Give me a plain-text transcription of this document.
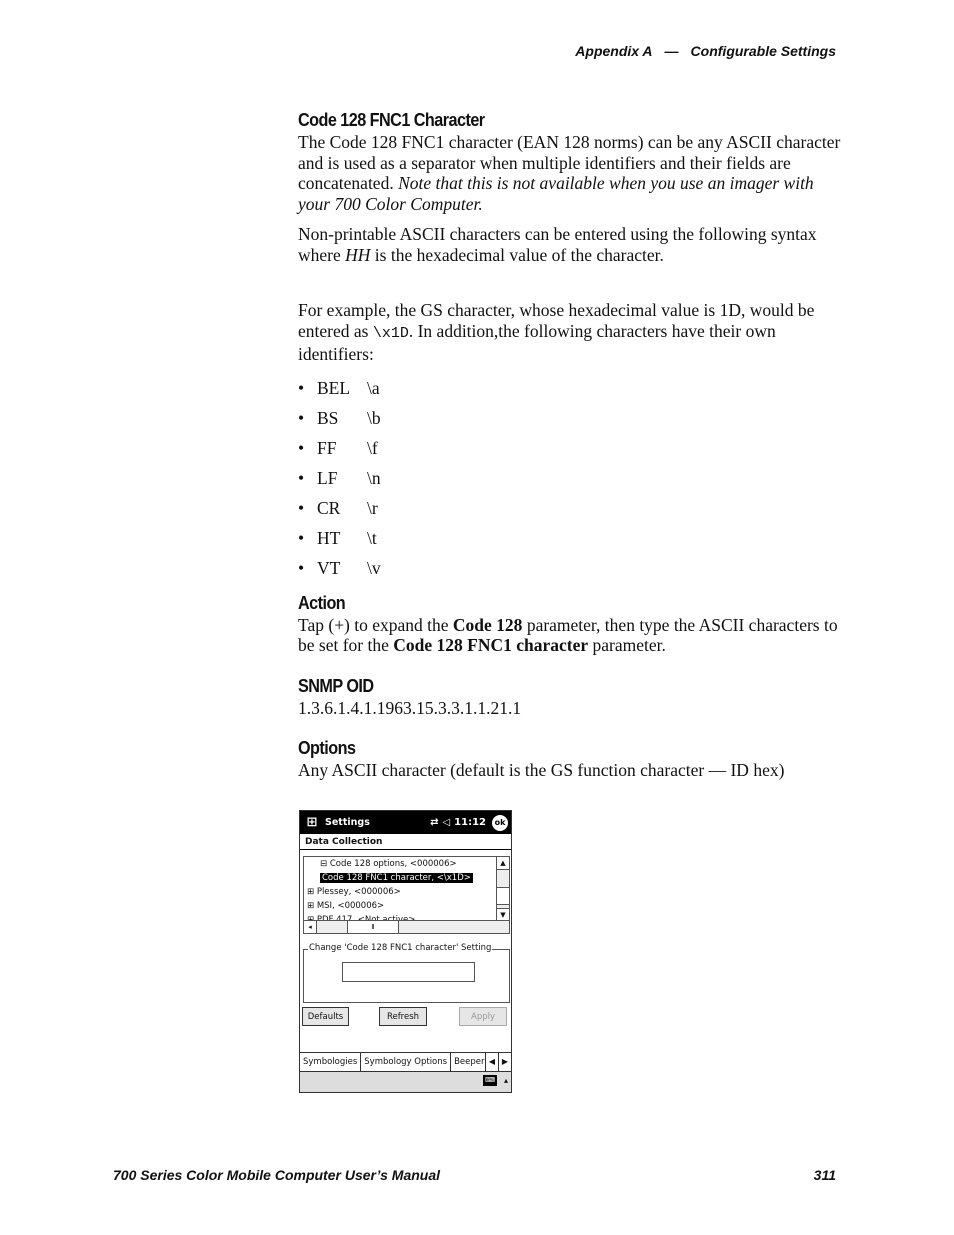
Appendix A — Configurable Settings
Code 128 FNC1 Character

The Code 128 FNC1 character (EAN 128 norms) can be any ASCII character and is used as a separator when multiple identifiers and their fields are concatenated. Note that this is not available when you use an imager with your 700 Color Computer.

Non-printable ASCII characters can be entered using the following syntax where HH is the hexadecimal value of the character.

For example, the GS character, whose hexadecimal value is 1D, would be entered as \x1D. In addition,the following characters have their own identifiers:

• BEL \a
• BS	\b
• FF	\f
• LF	\n
• CR	\r
• HT	\t
• VT	\v
Action

Tap (+) to expand the Code 128 parameter, then type the ASCII characters to be set for the Code 128 FNC1 character parameter.

SNMP OID

1.3.6.1.4.1.1963.15.3.3.1.1.21.1

Options

Any ASCII character (default is the GS function character — ID hex)

⊞ Settings	⇄ ◁ 11:12	ok
Data Collection
⊟ Code 128 options, <000006>
Code 128 FNC1 character, <\x1D>
⊞ Plessey, <000006>
⊞ MSI, <000006>
▲
▼
◂	Ⅱ
Change 'Code 128 FNC1 character' Setting
Defaults	Refresh	Apply
Symbologies Symbology Options Beeper ◀ ▶
⌨ ▴
700 Series Color Mobile Computer User’s Manual	311
